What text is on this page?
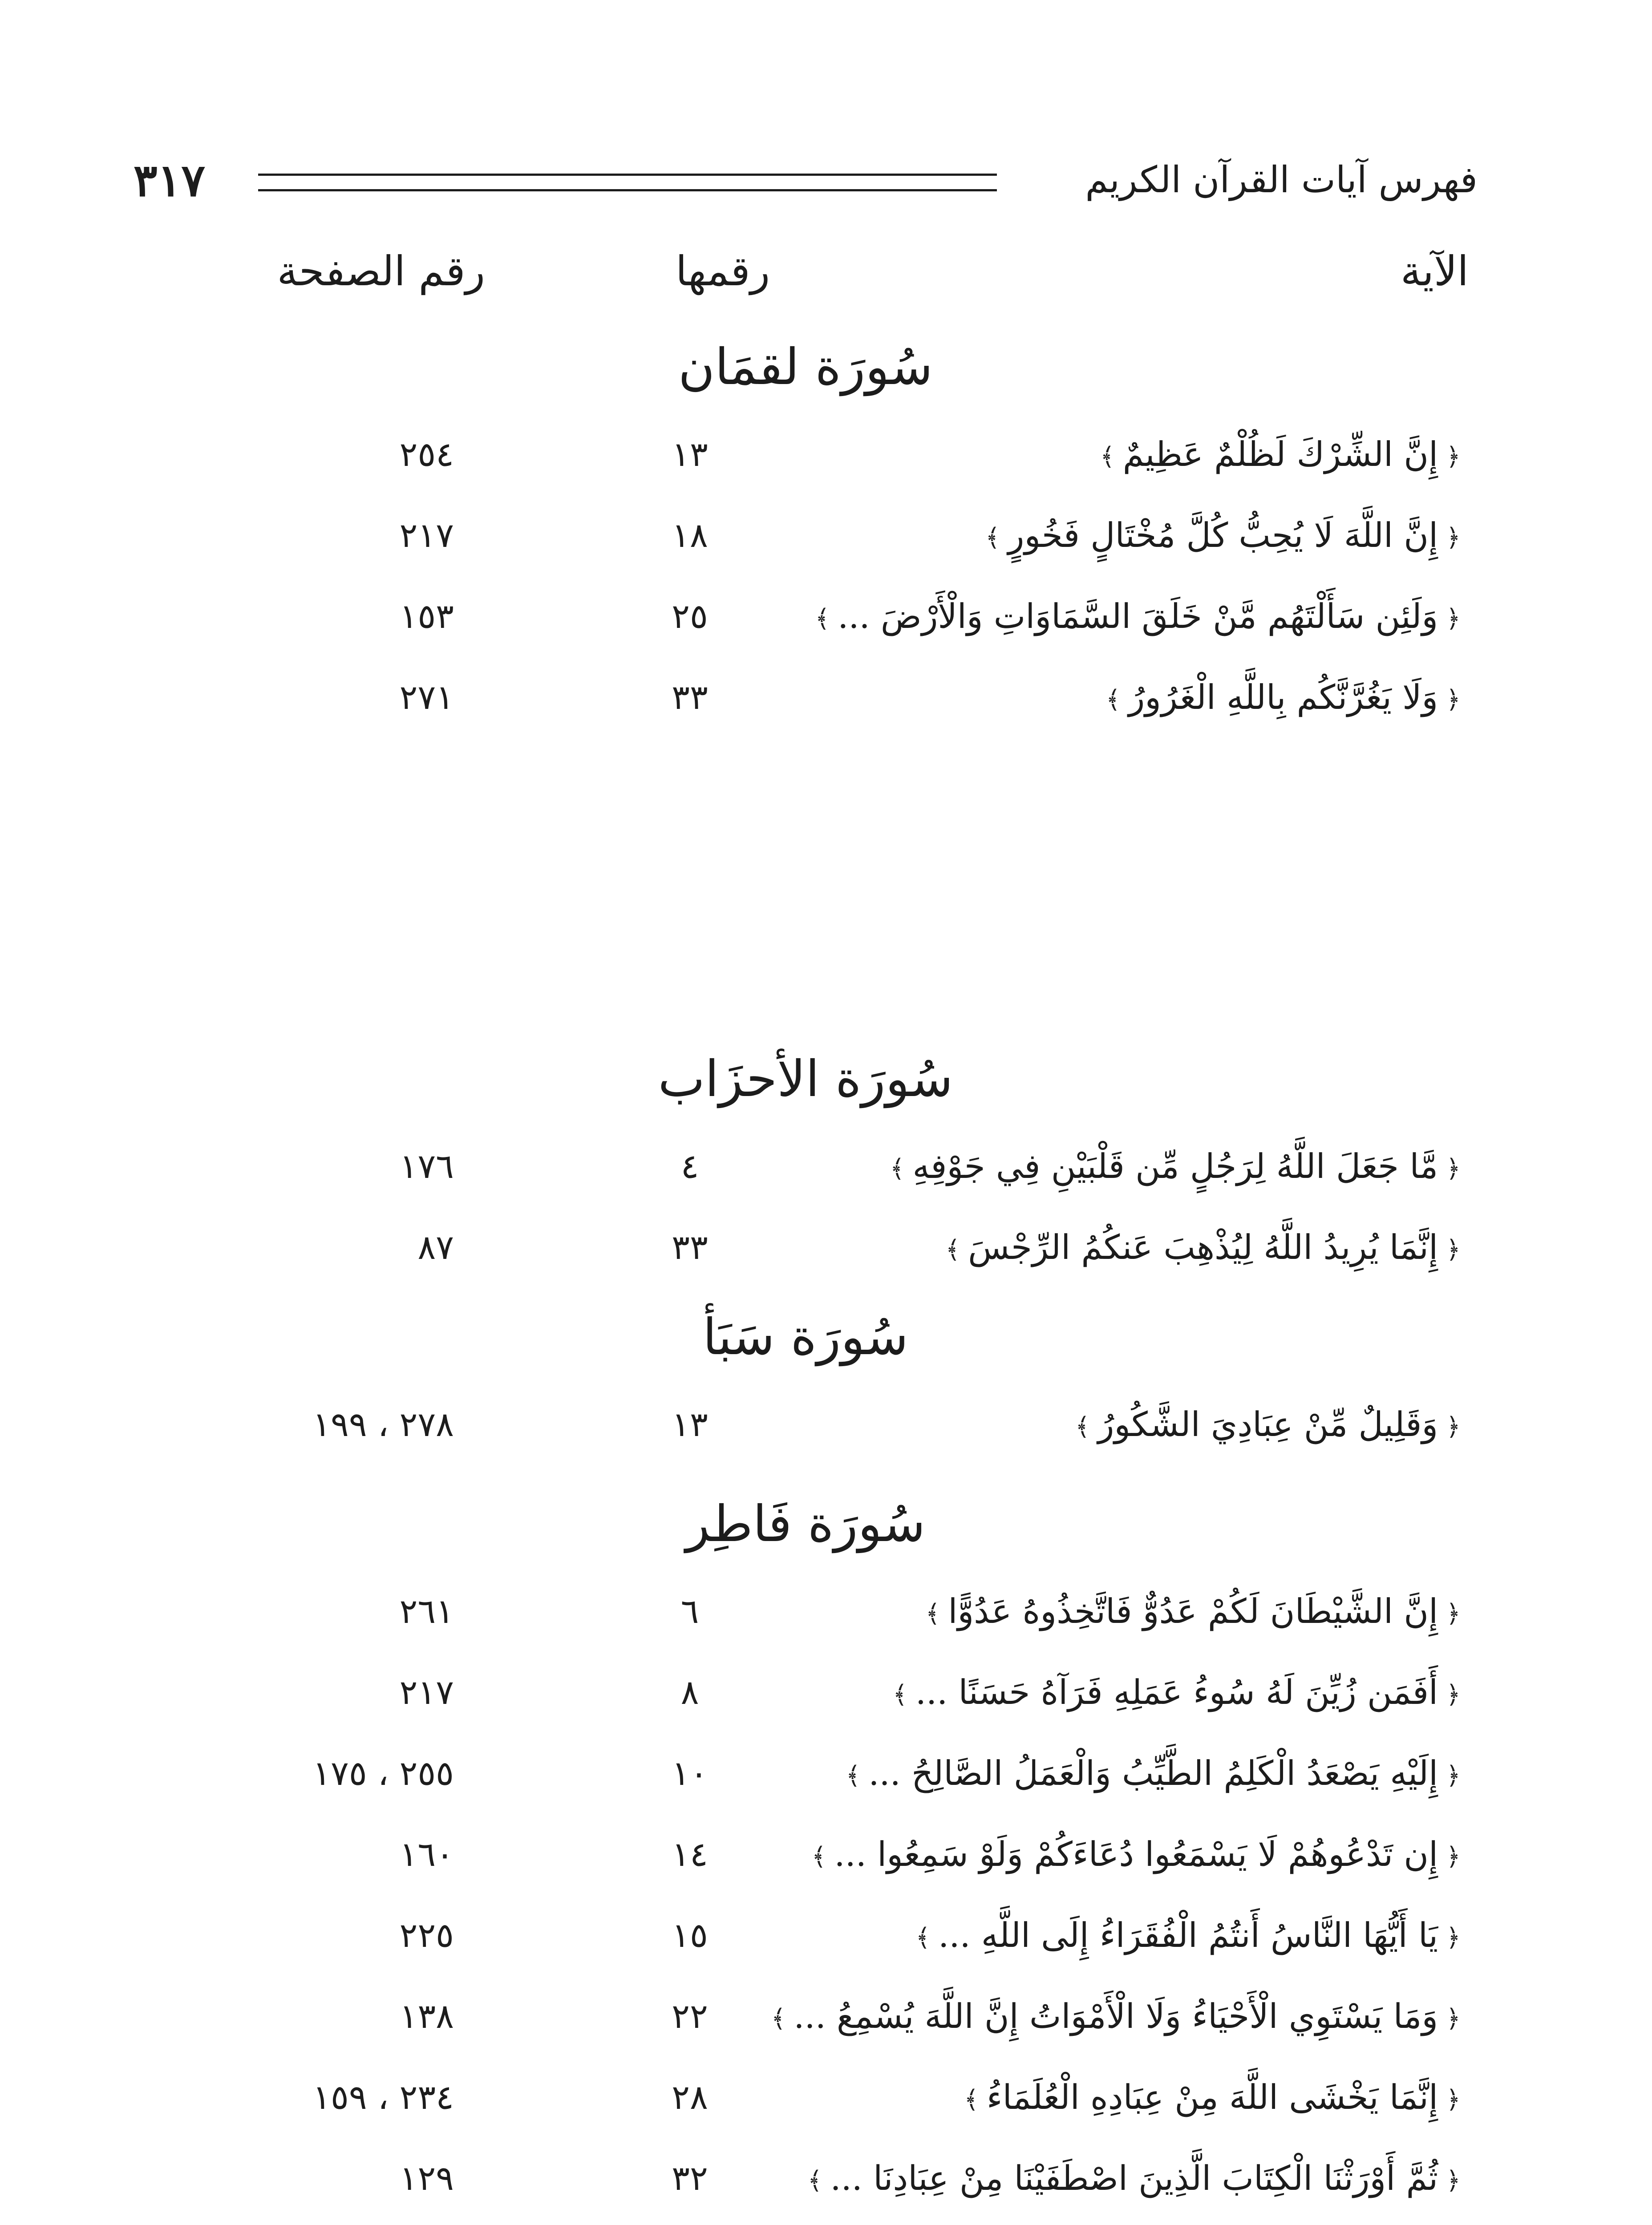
فهرس آيات القرآن الكريم
٣١٧
الآية
رقمها
رقم الصفحة
سُورَة لقمَان
﴿إِنَّ الشِّرْكَ لَظُلْمٌ عَظِيمٌ﴾
١٣
٢٥٤
﴿إِنَّ اللَّهَ لَا يُحِبُّ كُلَّ مُخْتَالٍ فَخُورٍ﴾
١٨
٢١٧
﴿وَلَئِن سَأَلْتَهُم مَّنْ خَلَقَ السَّمَاوَاتِ وَالْأَرْضَ ...﴾
٢٥
١٥٣
﴿وَلَا يَغُرَّنَّكُم بِاللَّهِ الْغَرُورُ﴾
٣٣
٢٧١
سُورَة الأحزَاب
﴿مَّا جَعَلَ اللَّهُ لِرَجُلٍ مِّن قَلْبَيْنِ فِي جَوْفِهِ﴾
٤
١٧٦
﴿إِنَّمَا يُرِيدُ اللَّهُ لِيُذْهِبَ عَنكُمُ الرِّجْسَ﴾
٣٣
٨٧
سُورَة سَبَأ
﴿وَقَلِيلٌ مِّنْ عِبَادِيَ الشَّكُورُ﴾
١٣
٢٧٨ ، ١٩٩
سُورَة فَاطِر
﴿إِنَّ الشَّيْطَانَ لَكُمْ عَدُوٌّ فَاتَّخِذُوهُ عَدُوًّا﴾
٦
٢٦١
﴿أَفَمَن زُيِّنَ لَهُ سُوءُ عَمَلِهِ فَرَآهُ حَسَنًا ...﴾
٨
٢١٧
﴿إِلَيْهِ يَصْعَدُ الْكَلِمُ الطَّيِّبُ وَالْعَمَلُ الصَّالِحُ ...﴾
١٠
٢٥٥ ، ١٧٥
﴿إِن تَدْعُوهُمْ لَا يَسْمَعُوا دُعَاءَكُمْ وَلَوْ سَمِعُوا ...﴾
١٤
١٦٠
﴿يَا أَيُّهَا النَّاسُ أَنتُمُ الْفُقَرَاءُ إِلَى اللَّهِ ...﴾
١٥
٢٢٥
﴿وَمَا يَسْتَوِي الْأَحْيَاءُ وَلَا الْأَمْوَاتُ إِنَّ اللَّهَ يُسْمِعُ ...﴾
٢٢
١٣٨
﴿إِنَّمَا يَخْشَى اللَّهَ مِنْ عِبَادِهِ الْعُلَمَاءُ﴾
٢٨
٢٣٤ ، ١٥٩
﴿ثُمَّ أَوْرَثْنَا الْكِتَابَ الَّذِينَ اصْطَفَيْنَا مِنْ عِبَادِنَا ...﴾
٣٢
١٢٩
